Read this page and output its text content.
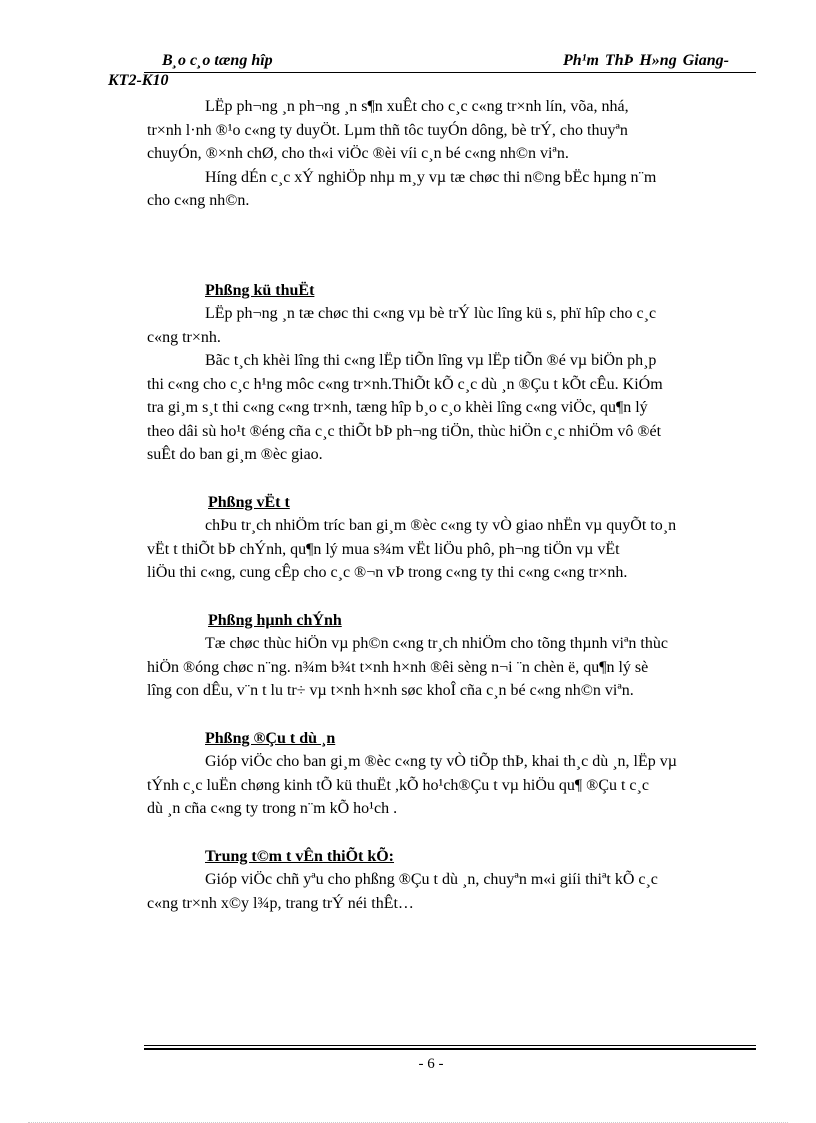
B¸o c¸o tæng hîp	Ph¹m ThÞ H»ng Giang-

KT2-K10

LËp ph¬ng ¸n ph¬ng ¸n s¶n xuÊt cho c¸c c«ng tr×nh lín, võa, nhá,
tr×nh l·nh ®¹o c«ng ty duyÖt. Lµm thñ tôc tuyÓn dông, bè trÝ, cho thuyªn
chuyÓn, ®×nh chØ, cho th«i viÖc ®èi víi c¸n bé c«ng nh©n viªn.
Híng dÉn c¸c xÝ nghiÖp nhµ m¸y vµ tæ chøc thi n©ng bËc hµng n¨m
cho c«ng nh©n.

Phßng kü thuËt

LËp ph¬ng ¸n tæ chøc thi c«ng vµ bè trÝ lùc lîng kü s, phï hîp cho c¸c
c«ng tr×nh.
Bãc t¸ch khèi lîng thi c«ng lËp tiÕn lîng vµ lËp tiÕn ®é vµ biÖn ph¸p
thi c«ng cho c¸c h¹ng môc c«ng tr×nh.ThiÕt kÕ c¸c dù ¸n ®Çu t kÕt cÊu. KiÓm
tra gi¸m s¸t thi c«ng c«ng tr×nh, tæng hîp b¸o c¸o khèi lîng c«ng viÖc, qu¶n lý
theo dâi sù ho¹t ®éng cña c¸c thiÕt bÞ ph¬ng tiÖn, thùc hiÖn c¸c nhiÖm vô ®ét
suÊt do ban gi¸m ®èc giao.

Phßng vËt t

chÞu tr¸ch nhiÖm tríc ban gi¸m ®èc c«ng ty vÒ giao nhËn vµ quyÕt to¸n
vËt t thiÕt bÞ chÝnh, qu¶n lý mua s¾m vËt liÖu phô, ph¬ng tiÖn vµ vËt
liÖu thi c«ng, cung cÊp cho c¸c ®¬n vÞ trong c«ng ty thi c«ng c«ng tr×nh.

Phßng hµnh chÝnh

Tæ chøc thùc hiÖn vµ ph©n c«ng tr¸ch nhiÖm cho tõng thµnh viªn thùc
hiÖn ®óng chøc n¨ng. n¾m b¾t t×nh h×nh ®êi sèng n¬i ¨n chèn ë, qu¶n lý sè
lîng con dÊu, v¨n t lu tr÷ vµ t×nh h×nh søc khoÎ cña c¸n bé c«ng nh©n viªn.

Phßng ®Çu t dù ¸n

Gióp viÖc cho ban gi¸m ®èc c«ng ty vÒ tiÕp thÞ, khai th¸c dù ¸n, lËp vµ
tÝnh c¸c luËn chøng kinh tÕ kü thuËt ,kÕ ho¹ch®Çu t vµ hiÖu qu¶ ®Çu t c¸c
dù ¸n cña c«ng ty trong n¨m kÕ ho¹ch .

Trung t©m t vÊn thiÕt kÕ:

Gióp viÖc chñ yªu cho phßng ®Çu t dù ¸n, chuyªn m«i giíi thiªt kÕ c¸c
c«ng tr×nh x©y l¾p, trang trÝ néi thÊt…

- 6 -
